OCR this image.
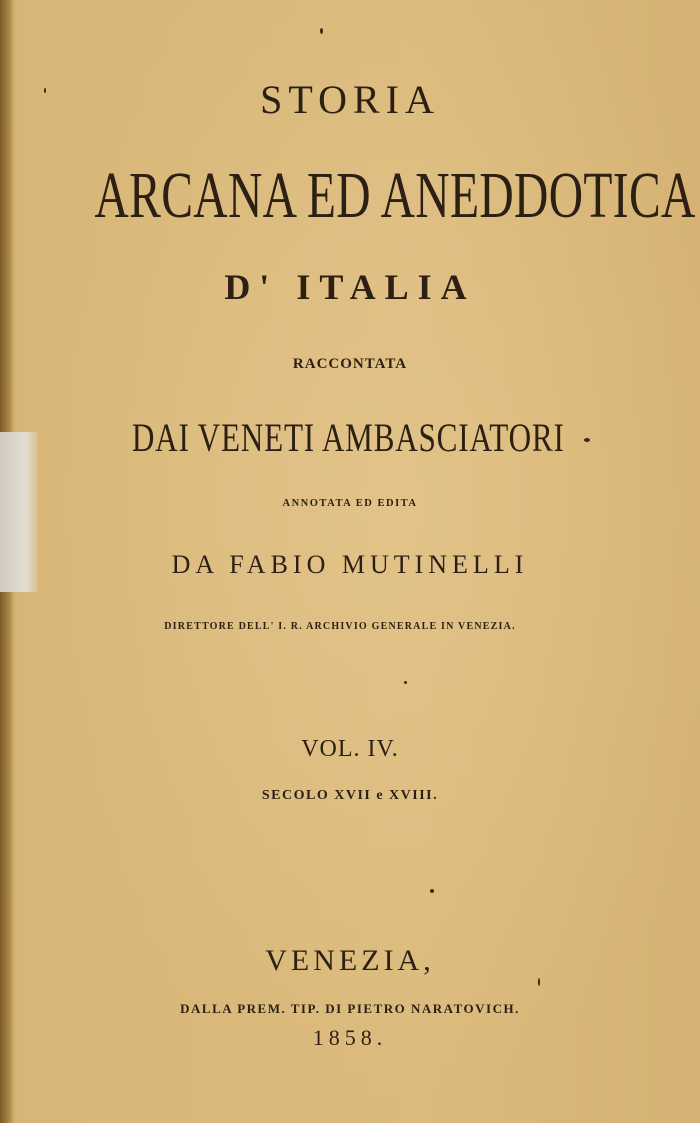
STORIA
ARCANA ED ANEDDOTICA
D' ITALIA
RACCONTATA
DAI VENETI AMBASCIATORI
ANNOTATA ED EDITA
DA FABIO MUTINELLI
DIRETTORE DELL' I. R. ARCHIVIO GENERALE IN VENEZIA.
VOL. IV.
SECOLO XVII e XVIII.
VENEZIA,
DALLA PREM. TIP. DI PIETRO NARATOVICH.
1858.
